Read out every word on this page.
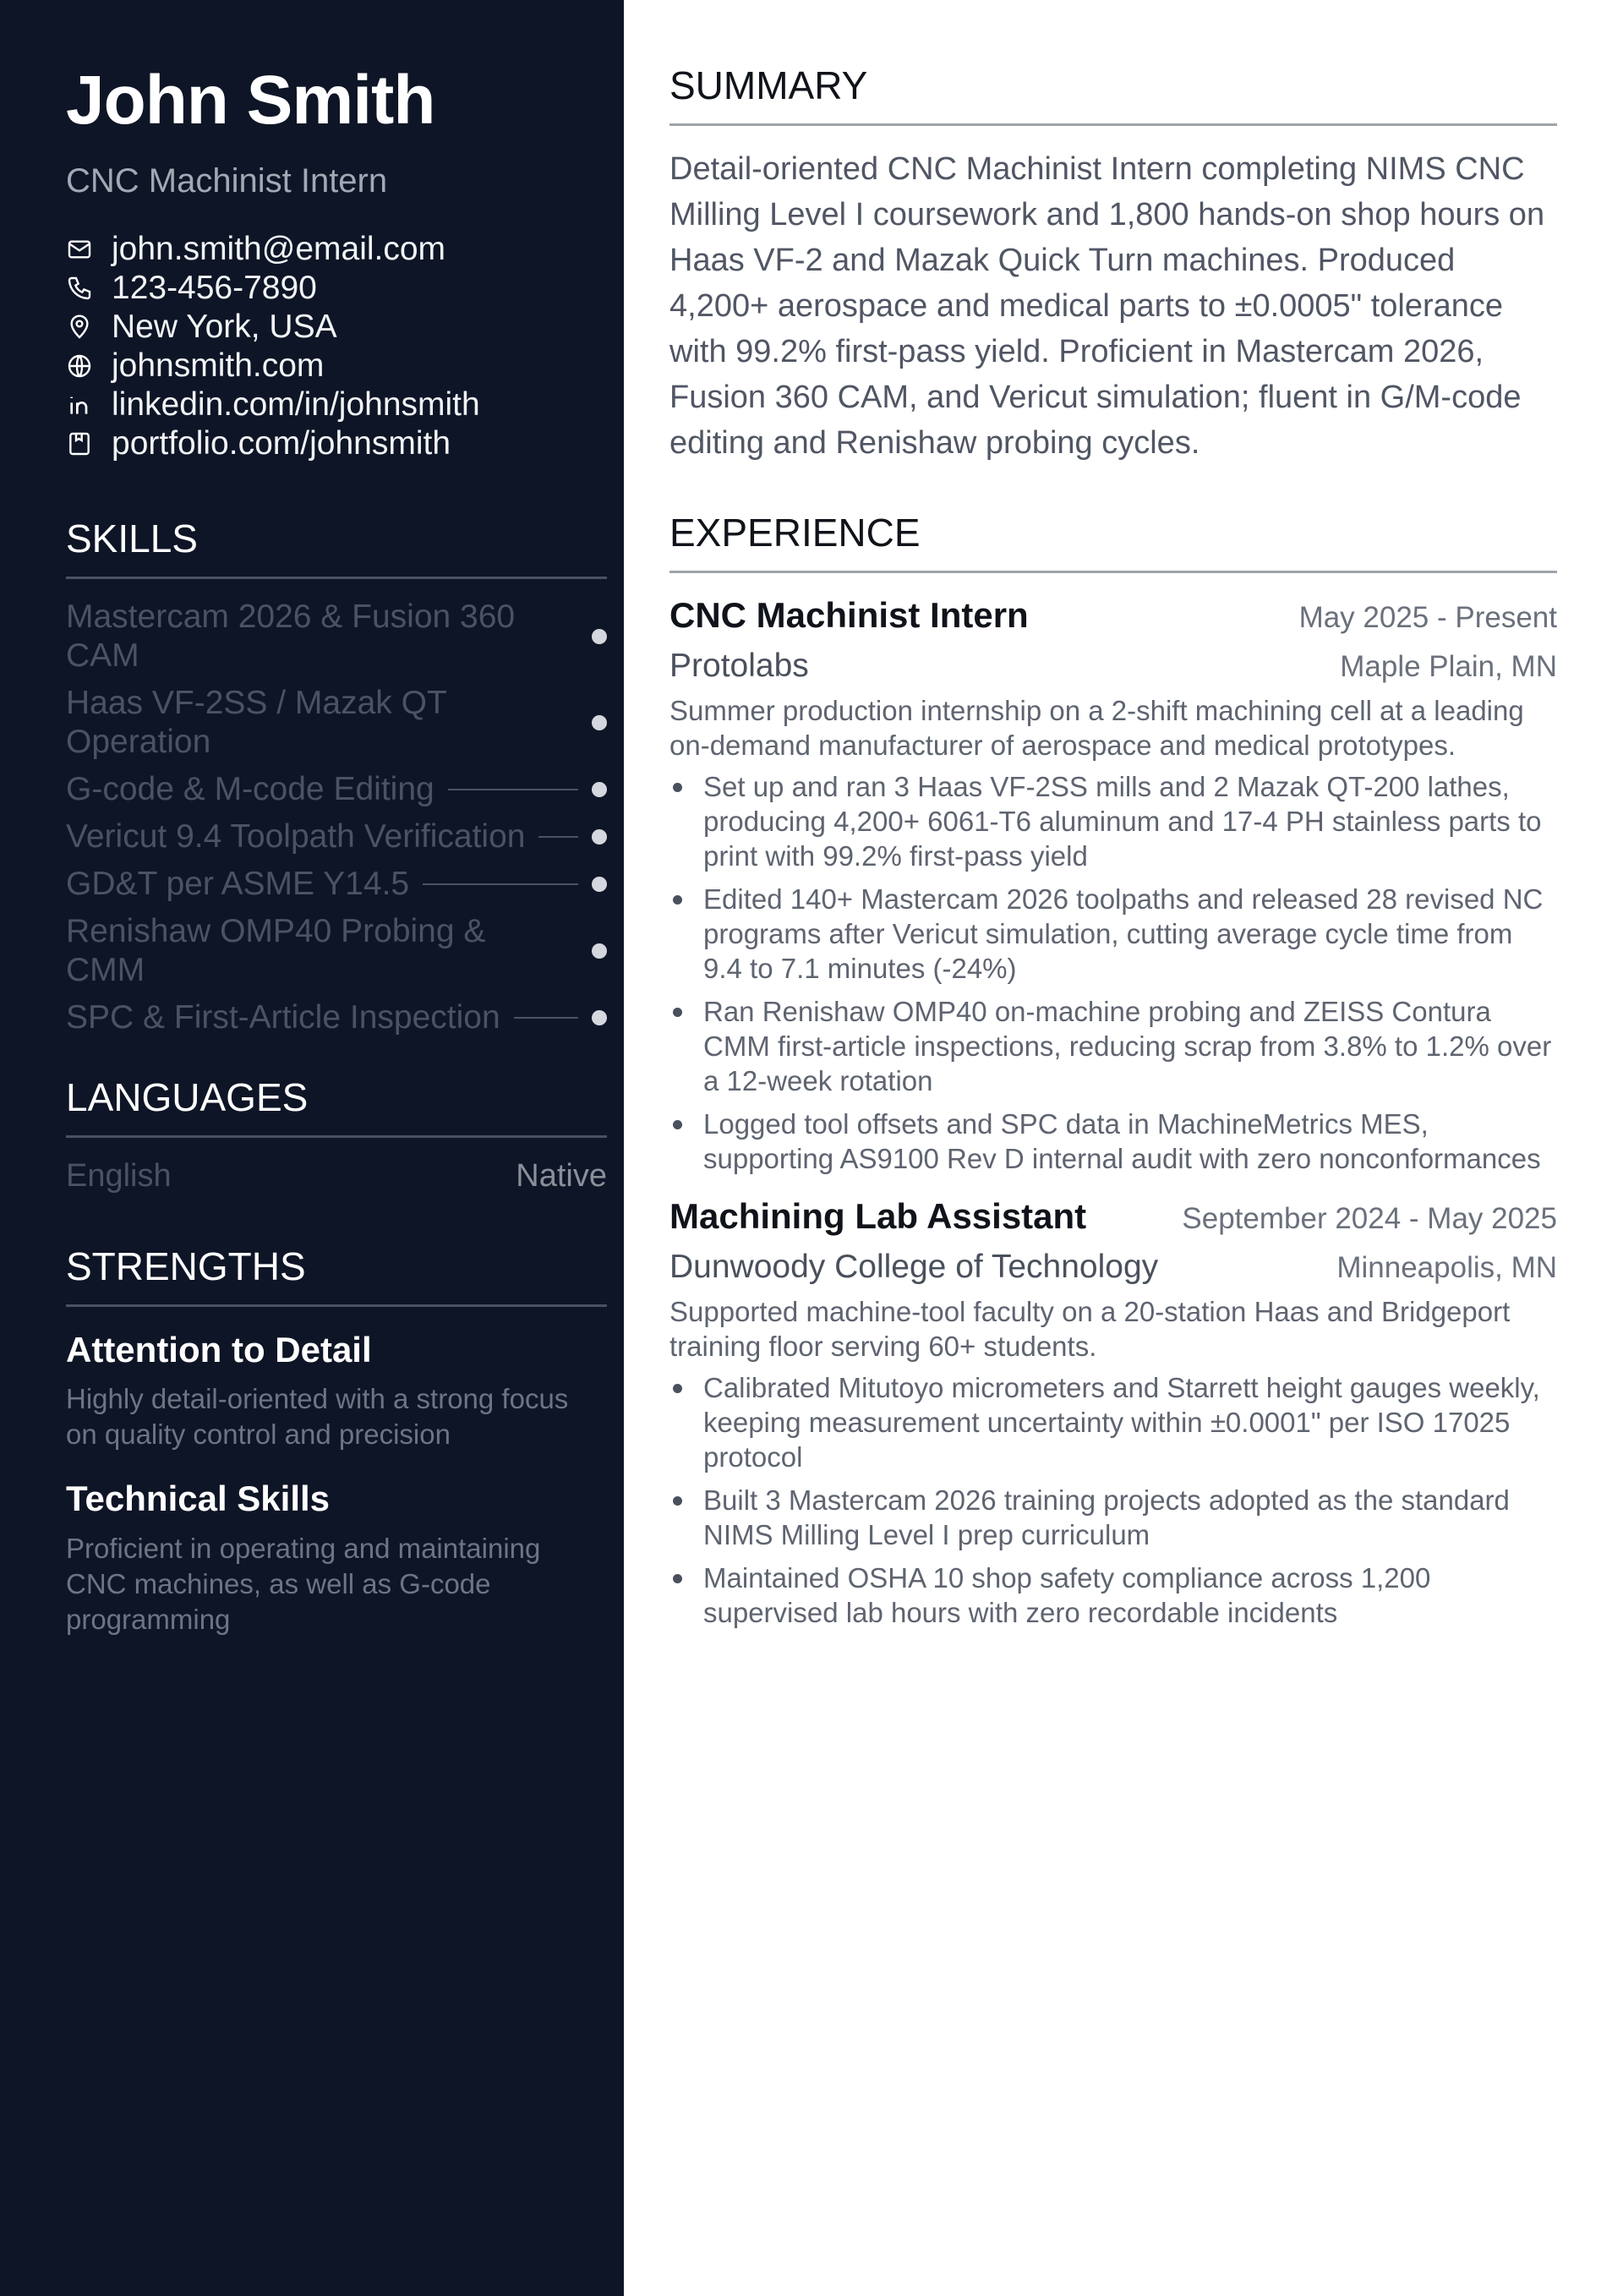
John Smith
CNC Machinist Intern
john.smith@email.com
123-456-7890
New York, USA
johnsmith.com
linkedin.com/in/johnsmith
portfolio.com/johnsmith
SKILLS
Mastercam 2026 & Fusion 360 CAM
Haas VF-2SS / Mazak QT Operation
G-code & M-code Editing
Vericut 9.4 Toolpath Verification
GD&T per ASME Y14.5
Renishaw OMP40 Probing & CMM
SPC & First-Article Inspection
LANGUAGES
English	Native
STRENGTHS
Attention to Detail
Highly detail-oriented with a strong focus on quality control and precision
Technical Skills
Proficient in operating and maintaining CNC machines, as well as G-code programming
SUMMARY
Detail-oriented CNC Machinist Intern completing NIMS CNC Milling Level I coursework and 1,800 hands-on shop hours on Haas VF-2 and Mazak Quick Turn machines. Produced 4,200+ aerospace and medical parts to ±0.0005" tolerance with 99.2% first-pass yield. Proficient in Mastercam 2026, Fusion 360 CAM, and Vericut simulation; fluent in G/M-code editing and Renishaw probing cycles.
EXPERIENCE
CNC Machinist Intern	May 2025 - Present
Protolabs	Maple Plain, MN
Summer production internship on a 2-shift machining cell at a leading on-demand manufacturer of aerospace and medical prototypes.
Set up and ran 3 Haas VF-2SS mills and 2 Mazak QT-200 lathes, producing 4,200+ 6061-T6 aluminum and 17-4 PH stainless parts to print with 99.2% first-pass yield
Edited 140+ Mastercam 2026 toolpaths and released 28 revised NC programs after Vericut simulation, cutting average cycle time from 9.4 to 7.1 minutes (-24%)
Ran Renishaw OMP40 on-machine probing and ZEISS Contura CMM first-article inspections, reducing scrap from 3.8% to 1.2% over a 12-week rotation
Logged tool offsets and SPC data in MachineMetrics MES, supporting AS9100 Rev D internal audit with zero nonconformances
Machining Lab Assistant	September 2024 - May 2025
Dunwoody College of Technology	Minneapolis, MN
Supported machine-tool faculty on a 20-station Haas and Bridgeport training floor serving 60+ students.
Calibrated Mitutoyo micrometers and Starrett height gauges weekly, keeping measurement uncertainty within ±0.0001" per ISO 17025 protocol
Built 3 Mastercam 2026 training projects adopted as the standard NIMS Milling Level I prep curriculum
Maintained OSHA 10 shop safety compliance across 1,200 supervised lab hours with zero recordable incidents
